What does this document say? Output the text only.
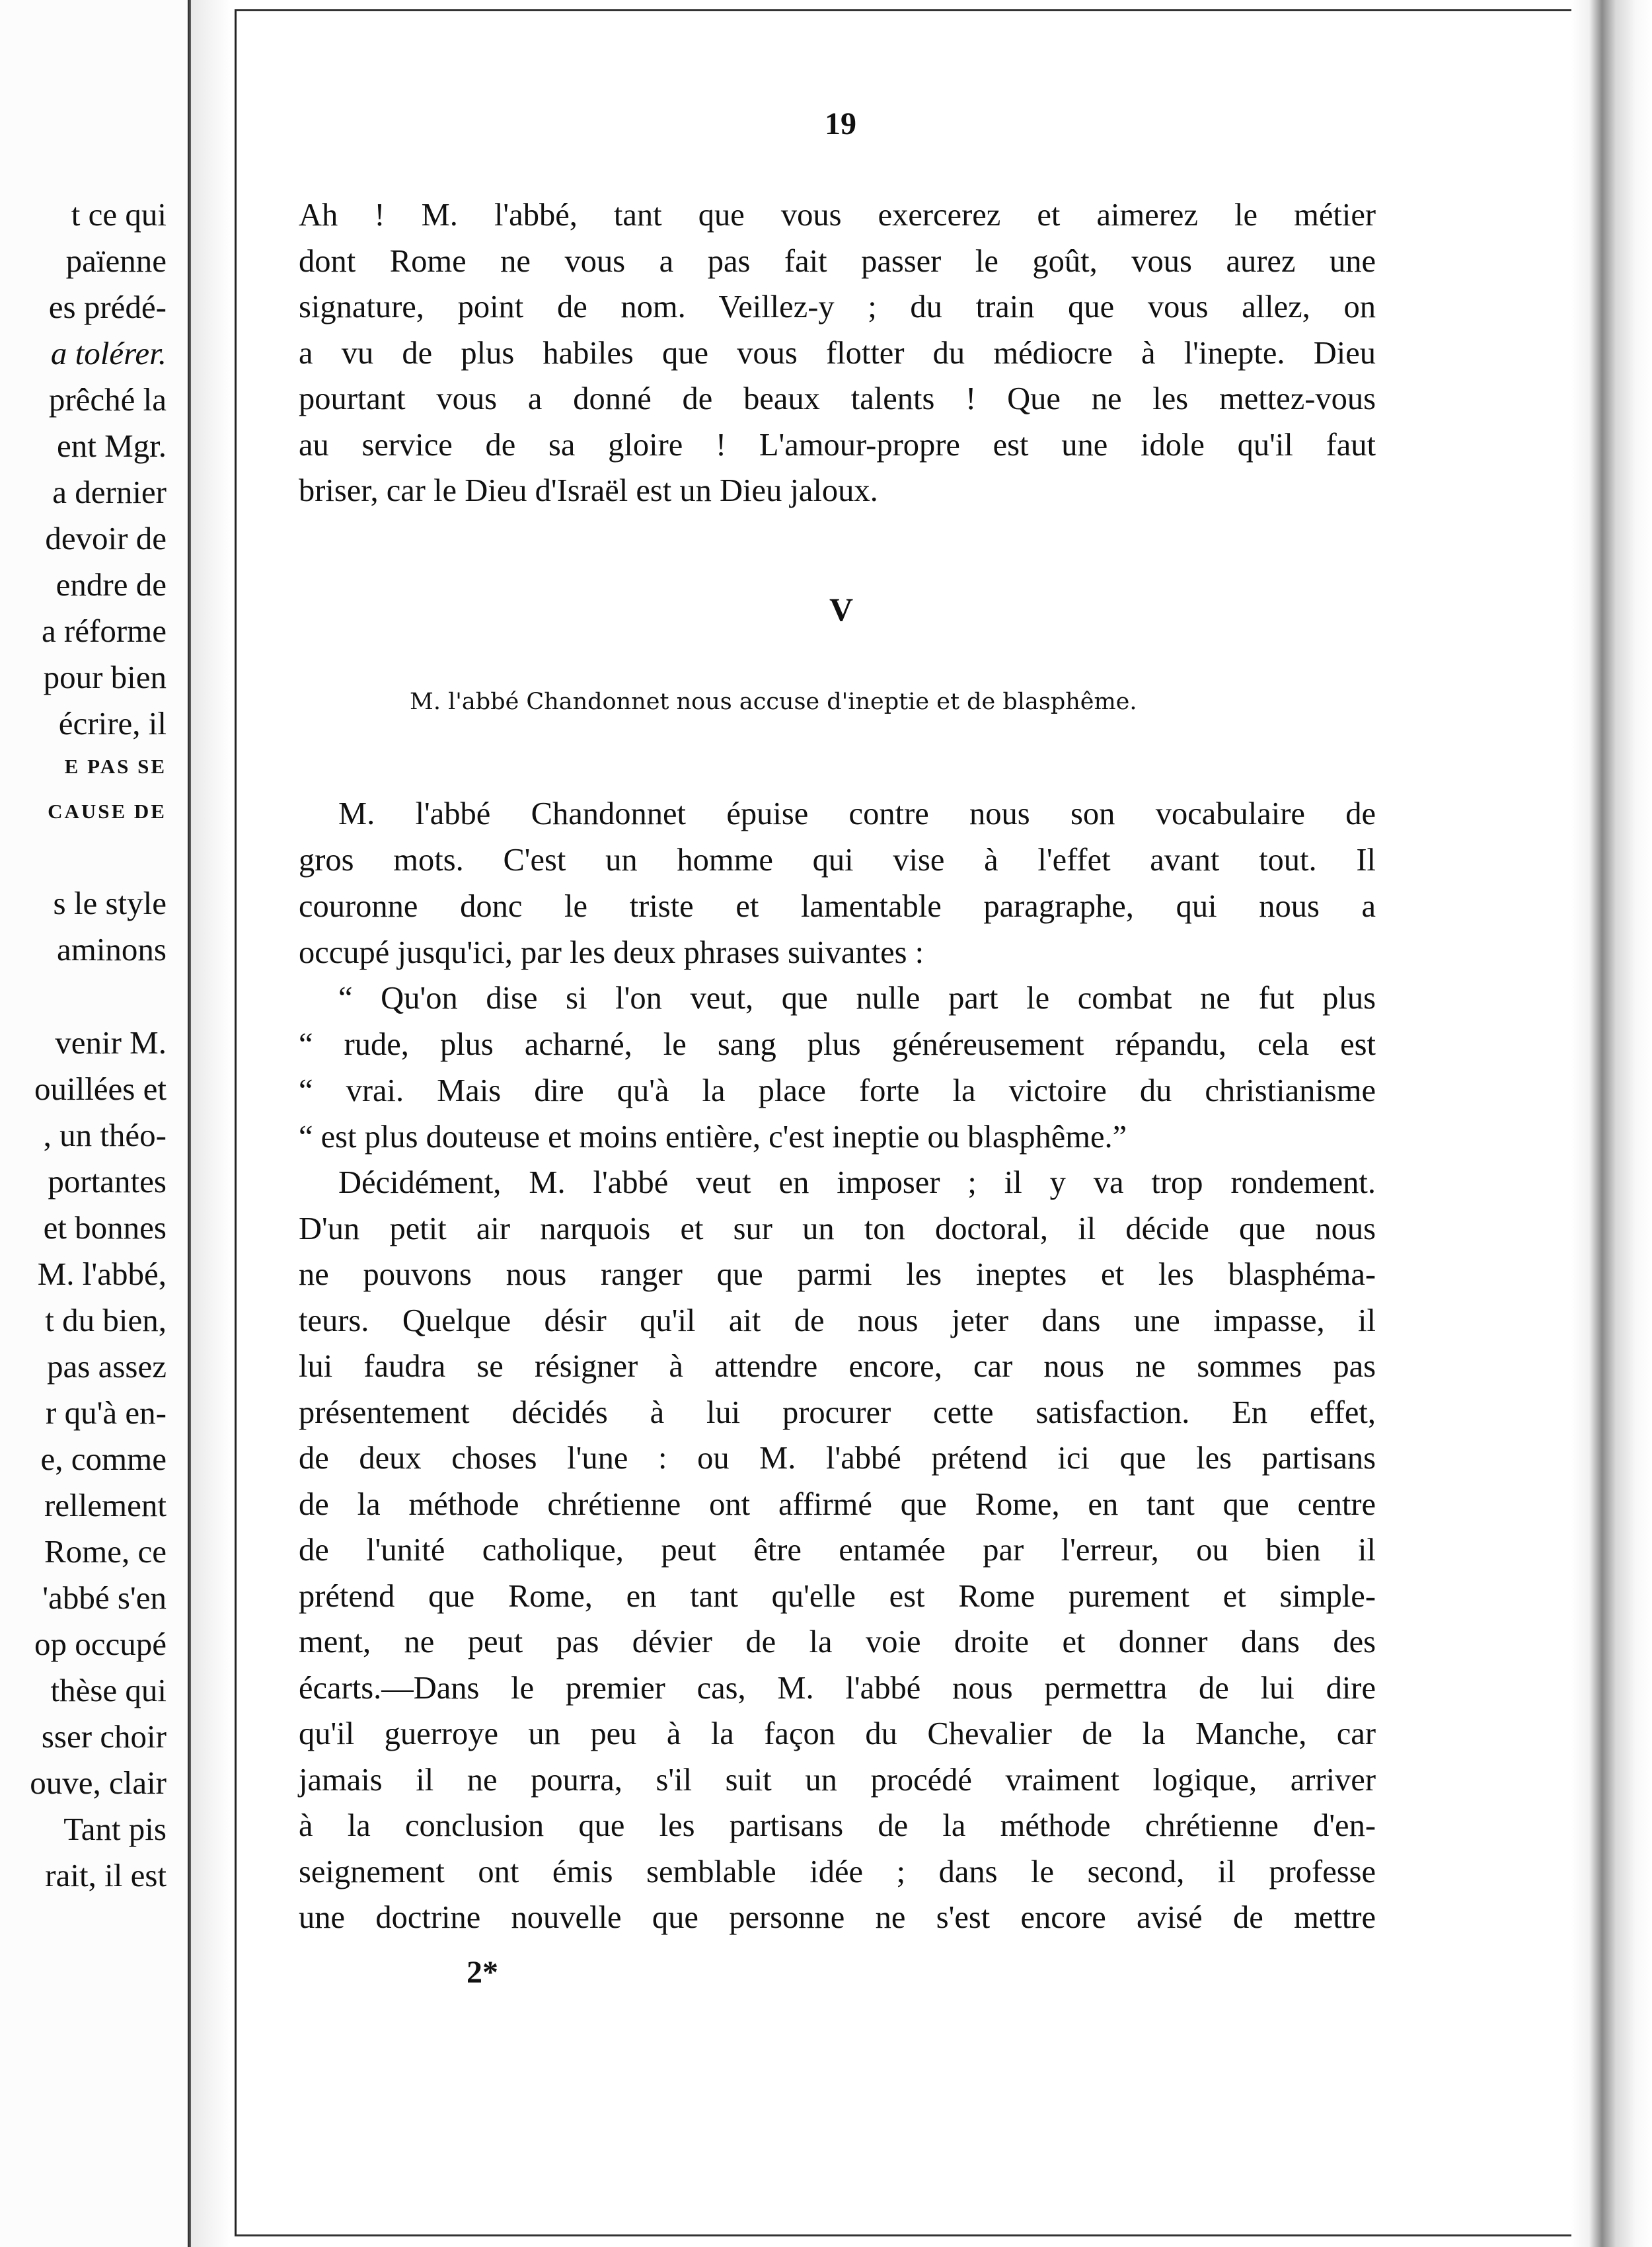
t ce qui
païenne
es prédé-
a tolérer.
prêché la
ent Mgr.
a dernier
devoir de
endre de
a réforme
pour bien
écrire, il
E PAS SE
CAUSE DE
s le style
aminons
venir M.
ouillées et
, un théo-
portantes
et bonnes
M. l'abbé,
t du bien,
pas assez
r qu'à en-
e, comme
rellement
Rome, ce
'abbé s'en
op occupé
thèse qui
sser choir
ouve, clair
Tant pis
rait, il est
19
Ah ! M. l'abbé, tant que vous exercerez et aimerez le métier
dont Rome ne vous a pas fait passer le goût, vous aurez une
signature, point de nom. Veillez-y ; du train que vous allez, on
a vu de plus habiles que vous flotter du médiocre à l'inepte. Dieu
pourtant vous a donné de beaux talents ! Que ne les mettez-vous
au service de sa gloire ! L'amour-propre est une idole qu'il faut
briser, car le Dieu d'Israël est un Dieu jaloux.
V
M. l'abbé Chandonnet nous accuse d'ineptie et de blasphême.
M. l'abbé Chandonnet épuise contre nous son vocabulaire de
gros mots. C'est un homme qui vise à l'effet avant tout. Il
couronne donc le triste et lamentable paragraphe, qui nous a
occupé jusqu'ici, par les deux phrases suivantes :
“ Qu'on dise si l'on veut, que nulle part le combat ne fut plus
“ rude, plus acharné, le sang plus généreusement répandu, cela est
“ vrai. Mais dire qu'à la place forte la victoire du christianisme
“ est plus douteuse et moins entière, c'est ineptie ou blasphême.”
Décidément, M. l'abbé veut en imposer ; il y va trop rondement.
D'un petit air narquois et sur un ton doctoral, il décide que nous
ne pouvons nous ranger que parmi les ineptes et les blasphéma-
teurs. Quelque désir qu'il ait de nous jeter dans une impasse, il
lui faudra se résigner à attendre encore, car nous ne sommes pas
présentement décidés à lui procurer cette satisfaction. En effet,
de deux choses l'une : ou M. l'abbé prétend ici que les partisans
de la méthode chrétienne ont affirmé que Rome, en tant que centre
de l'unité catholique, peut être entamée par l'erreur, ou bien il
prétend que Rome, en tant qu'elle est Rome purement et simple-
ment, ne peut pas dévier de la voie droite et donner dans des
écarts.—Dans le premier cas, M. l'abbé nous permettra de lui dire
qu'il guerroye un peu à la façon du Chevalier de la Manche, car
jamais il ne pourra, s'il suit un procédé vraiment logique, arriver
à la conclusion que les partisans de la méthode chrétienne d'en-
seignement ont émis semblable idée ; dans le second, il professe
une doctrine nouvelle que personne ne s'est encore avisé de mettre
2*
